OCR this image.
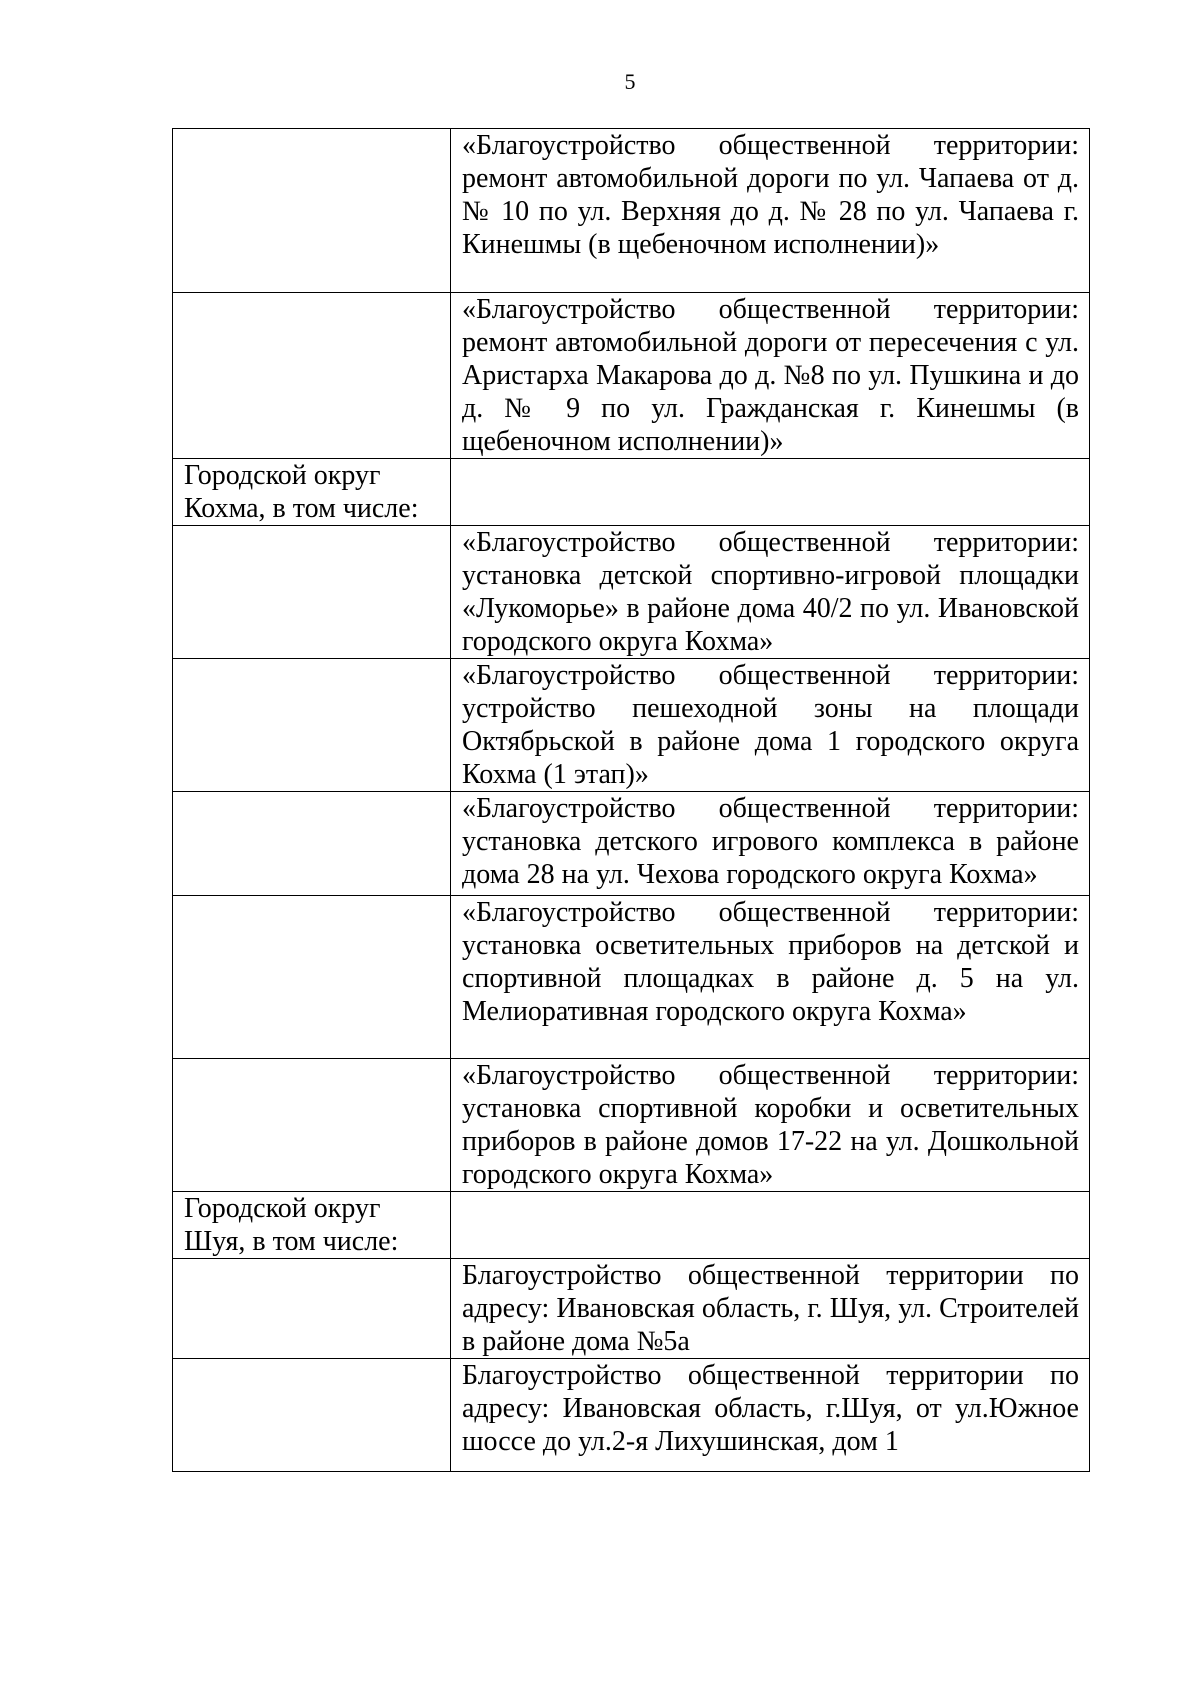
5

	«Благоустройство общественной территории: ремонт автомобильной дороги по ул. Чапаева от д. № 10 по ул. Верхняя до д. № 28 по ул. Чапаева г. Кинешмы (в щебеночном исполнении)»

	«Благоустройство общественной территории: ремонт автомобильной дороги от пересечения с ул. Аристарха Макарова до д. №8 по ул. Пушкина и до д. № 9 по ул. Гражданская г. Кинешмы (в щебеночном исполнении)»

Городской округ Кохма, в том числе:	

	«Благоустройство общественной территории: установка детской спортивно-игровой площадки «Лукоморье» в районе дома 40/2 по ул. Ивановской городского округа Кохма»

	«Благоустройство общественной территории: устройство пешеходной зоны на площади Октябрьской в районе дома 1 городского округа Кохма (1 этап)»

	«Благоустройство общественной территории: установка детского игрового комплекса в районе дома 28 на ул. Чехова городского округа Кохма»

	«Благоустройство общественной территории: установка осветительных приборов на детской и спортивной площадках в районе д. 5 на ул. Мелиоративная городского округа Кохма»

	«Благоустройство общественной территории: установка спортивной коробки и осветительных приборов в районе домов 17-22 на ул. Дошкольной городского округа Кохма»

Городской округ Шуя, в том числе:	

	Благоустройство общественной территории по адресу: Ивановская область, г. Шуя, ул. Строителей в районе дома №5а

	Благоустройство общественной территории по адресу: Ивановская область, г.Шуя, от ул.Южное шоссе до ул.2-я Лихушинская, дом 1
